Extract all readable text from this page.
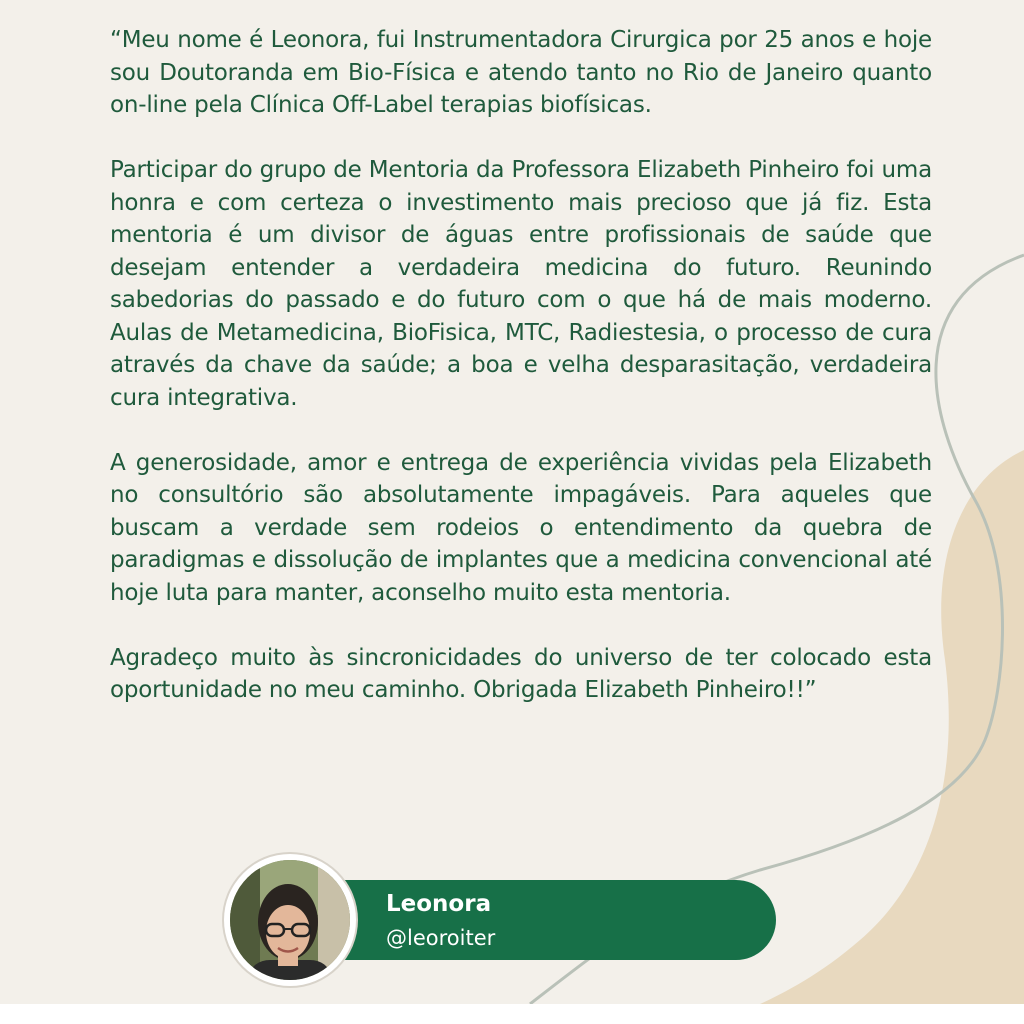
“Meu nome é Leonora, fui Instrumentadora Cirurgica por 25 anos e hoje sou Doutoranda em Bio-Física e atendo tanto no Rio de Janeiro quanto on-line pela Clínica Off-Label terapias biofísicas.

Participar do grupo de Mentoria da Professora Elizabeth Pinheiro foi uma honra e com certeza o investimento mais precioso que já fiz. Esta mentoria é um divisor de águas entre profissionais de saúde que desejam entender a verdadeira medicina do futuro. Reunindo sabedorias do passado e do futuro com o que há de mais moderno. Aulas de Metamedicina, BioFisica, MTC, Radiestesia, o processo de cura através da chave da saúde; a boa e velha desparasitação, verdadeira cura integrativa.

A generosidade, amor e entrega de experiência vividas pela Elizabeth no consultório são absolutamente impagáveis. Para aqueles que buscam a verdade sem rodeios o entendimento da quebra de paradigmas e dissolução de implantes que a medicina convencional até hoje luta para manter, aconselho muito esta mentoria.

Agradeço muito às sincronicidades do universo de ter colocado esta oportunidade no meu caminho. Obrigada Elizabeth Pinheiro!!”

Leonora
@leoroiter
